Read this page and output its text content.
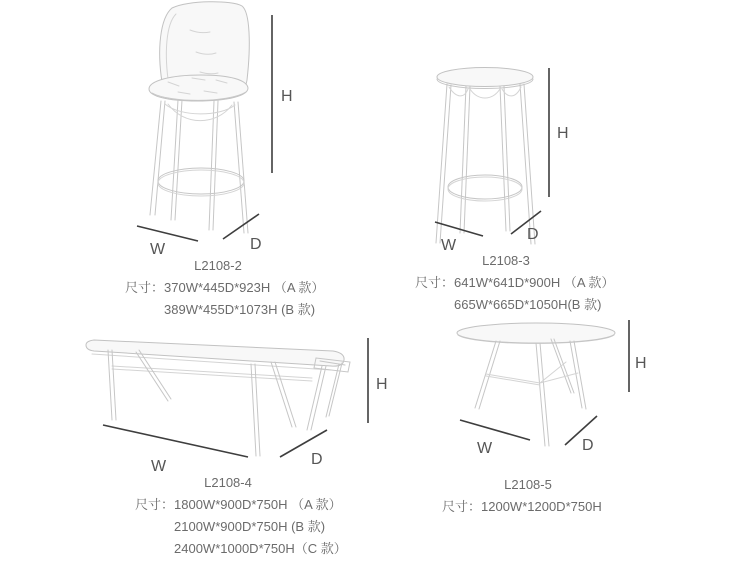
H
W	D
H
W
D
H
W	D
H
W	D
L2108-2
尺寸：370W*445D*923H （A 款）
389W*455D*1073H (B 款)
L2108-3
尺寸：641W*641D*900H （A 款）
665W*665D*1050H(B 款)
L2108-4
尺寸：1800W*900D*750H （A 款）
2100W*900D*750H (B 款)
2400W*1000D*750H（C 款）
L2108-5
尺寸：1200W*1200D*750H
